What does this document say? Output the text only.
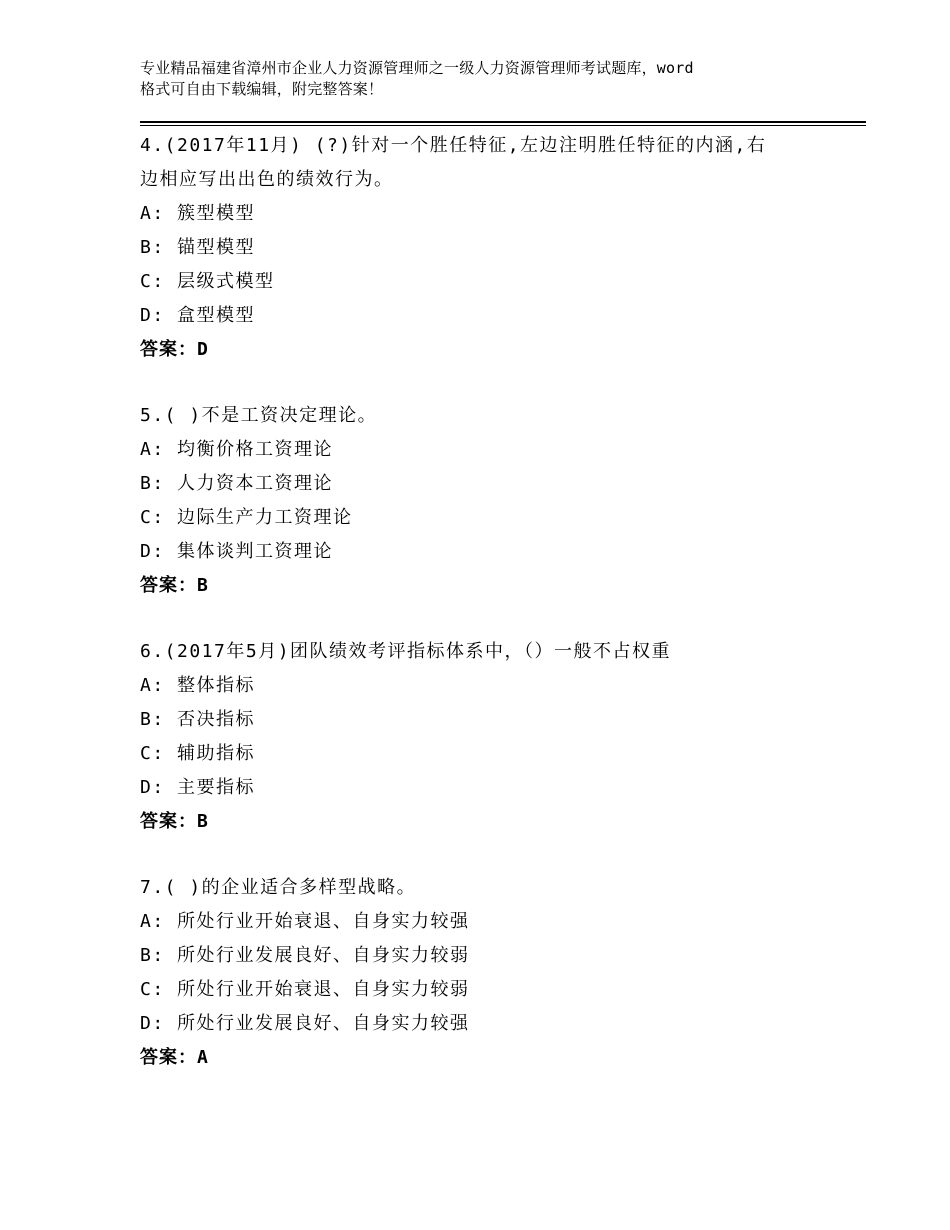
专业精品福建省漳州市企业人力资源管理师之一级人力资源管理师考试题库，word
格式可自由下载编辑，附完整答案！
4.(2017年11月) (?)针对一个胜任特征,左边注明胜任特征的内涵,右
边相应写出出色的绩效行为。
A: 簇型模型
B: 锚型模型
C: 层级式模型
D: 盒型模型
答案：D
5.( )不是工资决定理论。
A: 均衡价格工资理论
B: 人力资本工资理论
C: 边际生产力工资理论
D: 集体谈判工资理论
答案：B
6.(2017年5月)团队绩效考评指标体系中，（）一般不占权重
A: 整体指标
B: 否决指标
C: 辅助指标
D: 主要指标
答案：B
7.( )的企业适合多样型战略。
A: 所处行业开始衰退、自身实力较强
B: 所处行业发展良好、自身实力较弱
C: 所处行业开始衰退、自身实力较弱
D: 所处行业发展良好、自身实力较强
答案：A
